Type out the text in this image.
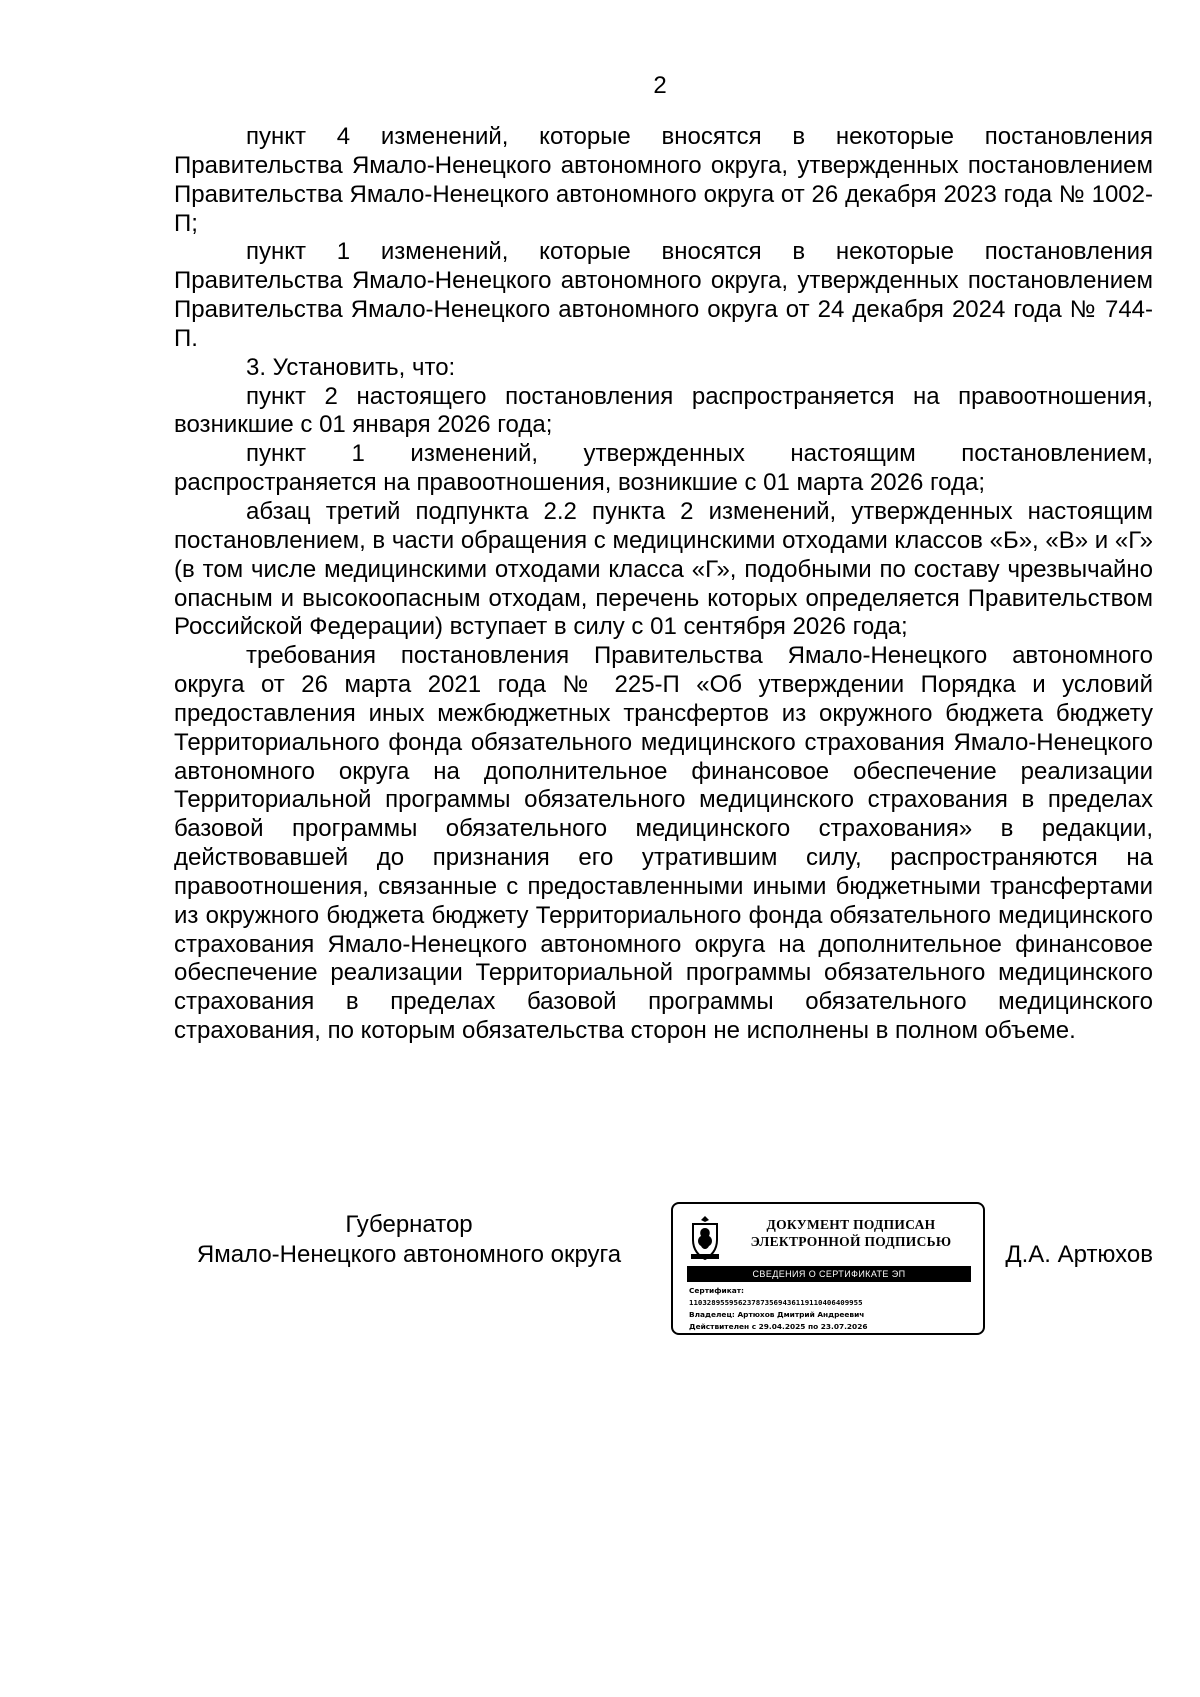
2

пункт 4 изменений, которые вносятся в некоторые постановления Правительства Ямало-Ненецкого автономного округа, утвержденных постановлением Правительства Ямало-Ненецкого автономного округа от 26 декабря 2023 года № 1002-П;

пункт 1 изменений, которые вносятся в некоторые постановления Правительства Ямало-Ненецкого автономного округа, утвержденных постановлением Правительства Ямало-Ненецкого автономного округа от 24 декабря 2024 года № 744-П.

3. Установить, что:

пункт 2 настоящего постановления распространяется на правоотношения, возникшие с 01 января 2026 года;

пункт 1 изменений, утвержденных настоящим постановлением, распространяется на правоотношения, возникшие с 01 марта 2026 года;

абзац третий подпункта 2.2 пункта 2 изменений, утвержденных настоящим постановлением, в части обращения с медицинскими отходами классов «Б», «В» и «Г» (в том числе медицинскими отходами класса «Г», подобными по составу чрезвычайно опасным и высокоопасным отходам, перечень которых определяется Правительством Российской Федерации) вступает в силу с 01 сентября 2026 года;

требования постановления Правительства Ямало-Ненецкого автономного округа от 26 марта 2021 года № 225-П «Об утверждении Порядка и условий предоставления иных межбюджетных трансфертов из окружного бюджета бюджету Территориального фонда обязательного медицинского страхования Ямало-Ненецкого автономного округа на дополнительное финансовое обеспечение реализации Территориальной программы обязательного медицинского страхования в пределах базовой программы обязательного медицинского страхования» в редакции, действовавшей до признания его утратившим силу, распространяются на правоотношения, связанные с предоставленными иными бюджетными трансфертами из окружного бюджета бюджету Территориального фонда обязательного медицинского страхования Ямало-Ненецкого автономного округа на дополнительное финансовое обеспечение реализации Территориальной программы обязательного медицинского страхования в пределах базовой программы обязательного медицинского страхования, по которым обязательства сторон не исполнены в полном объеме.

Губернатор
Ямало-Ненецкого автономного округа
ДОКУМЕНТ ПОДПИСАН
ЭЛЕКТРОННОЙ ПОДПИСЬЮ
СВЕДЕНИЯ О СЕРТИФИКАТЕ ЭП
Сертификат:
110328955956237873569436119110406409955
Владелец: Артюхов Дмитрий Андреевич
Действителен с 29.04.2025 по 23.07.2026
Д.А. Артюхов
